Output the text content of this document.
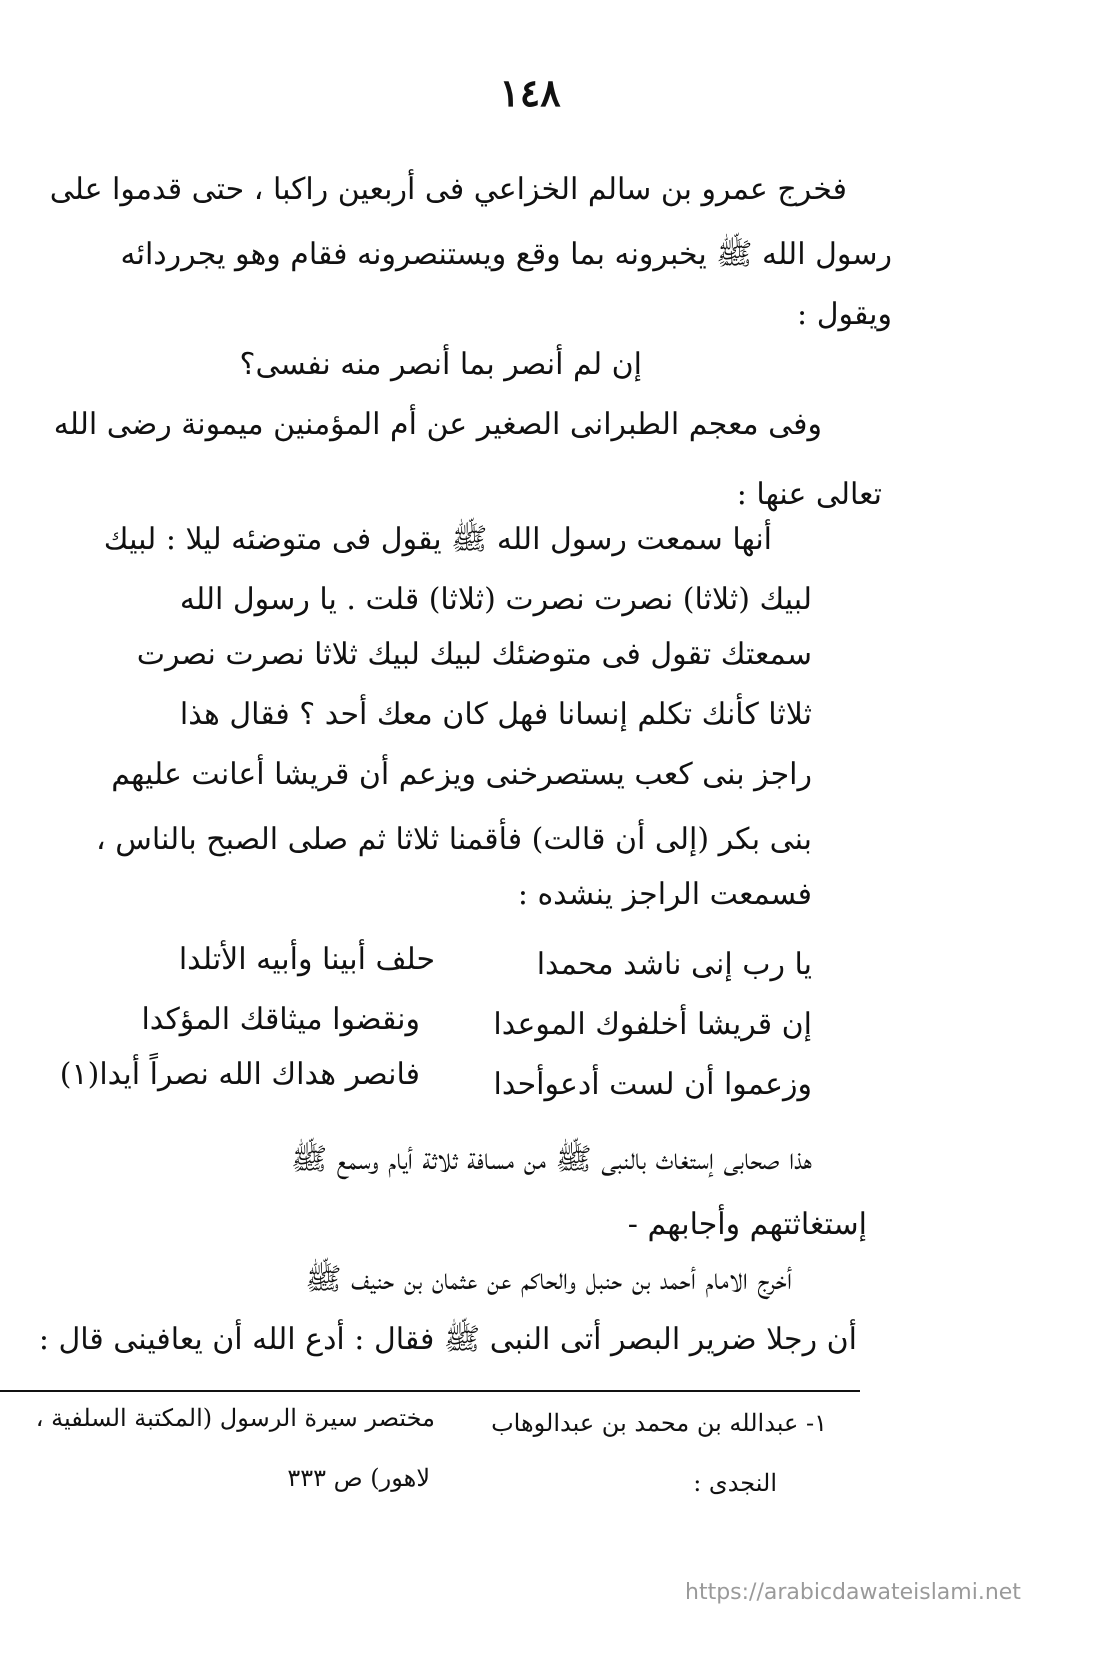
١٤٨
فخرج عمرو بن سالم الخزاعي فى أربعين راكبا ، حتى قدموا على
رسول الله ﷺ يخبرونه بما وقع ويستنصرونه فقام وهو يجرردائه
ويقول :
إن لم أنصر بما أنصر منه نفسى؟
وفى معجم الطبرانى الصغير عن أم المؤمنين ميمونة رضى الله
تعالى عنها :
أنها سمعت رسول الله ﷺ يقول فى متوضئه ليلا : لبيك
لبيك (ثلاثا) نصرت نصرت (ثلاثا) قلت . يا رسول الله
سمعتك تقول فى متوضئك لبيك لبيك ثلاثا نصرت نصرت
ثلاثا كأنك تكلم إنسانا فهل كان معك أحد ؟ فقال هذا
راجز بنى كعب يستصرخنى ويزعم أن قريشا أعانت عليهم
بنى بكر (إلى أن قالت) فأقمنا ثلاثا ثم صلى الصبح بالناس ،
فسمعت الراجز ينشده :
يا رب إنى ناشد محمدا
حلف أبينا وأبيه الأتلدا
إن قريشا أخلفوك الموعدا
ونقضوا ميثاقك المؤكدا
وزعموا أن لست أدعوأحدا
فانصر هداك الله نصراً أيدا(١)
هذا صحابى إستغاث بالنبى ﷺ من مسافة ثلاثة أيام وسمع ﷺ
إستغاثتهم وأجابهم -
أخرج الامام أحمد بن حنبل والحاكم عن عثمان بن حنيف ﷺ
أن رجلا ضرير البصر أتى النبى ﷺ فقال : أدع الله أن يعافينى قال :
١- عبدالله بن محمد بن عبدالوهاب
مختصر سيرة الرسول (المكتبة السلفية ،
النجدى :
لاهور) ص ٣٣٣
https://arabicdawateislami.net
